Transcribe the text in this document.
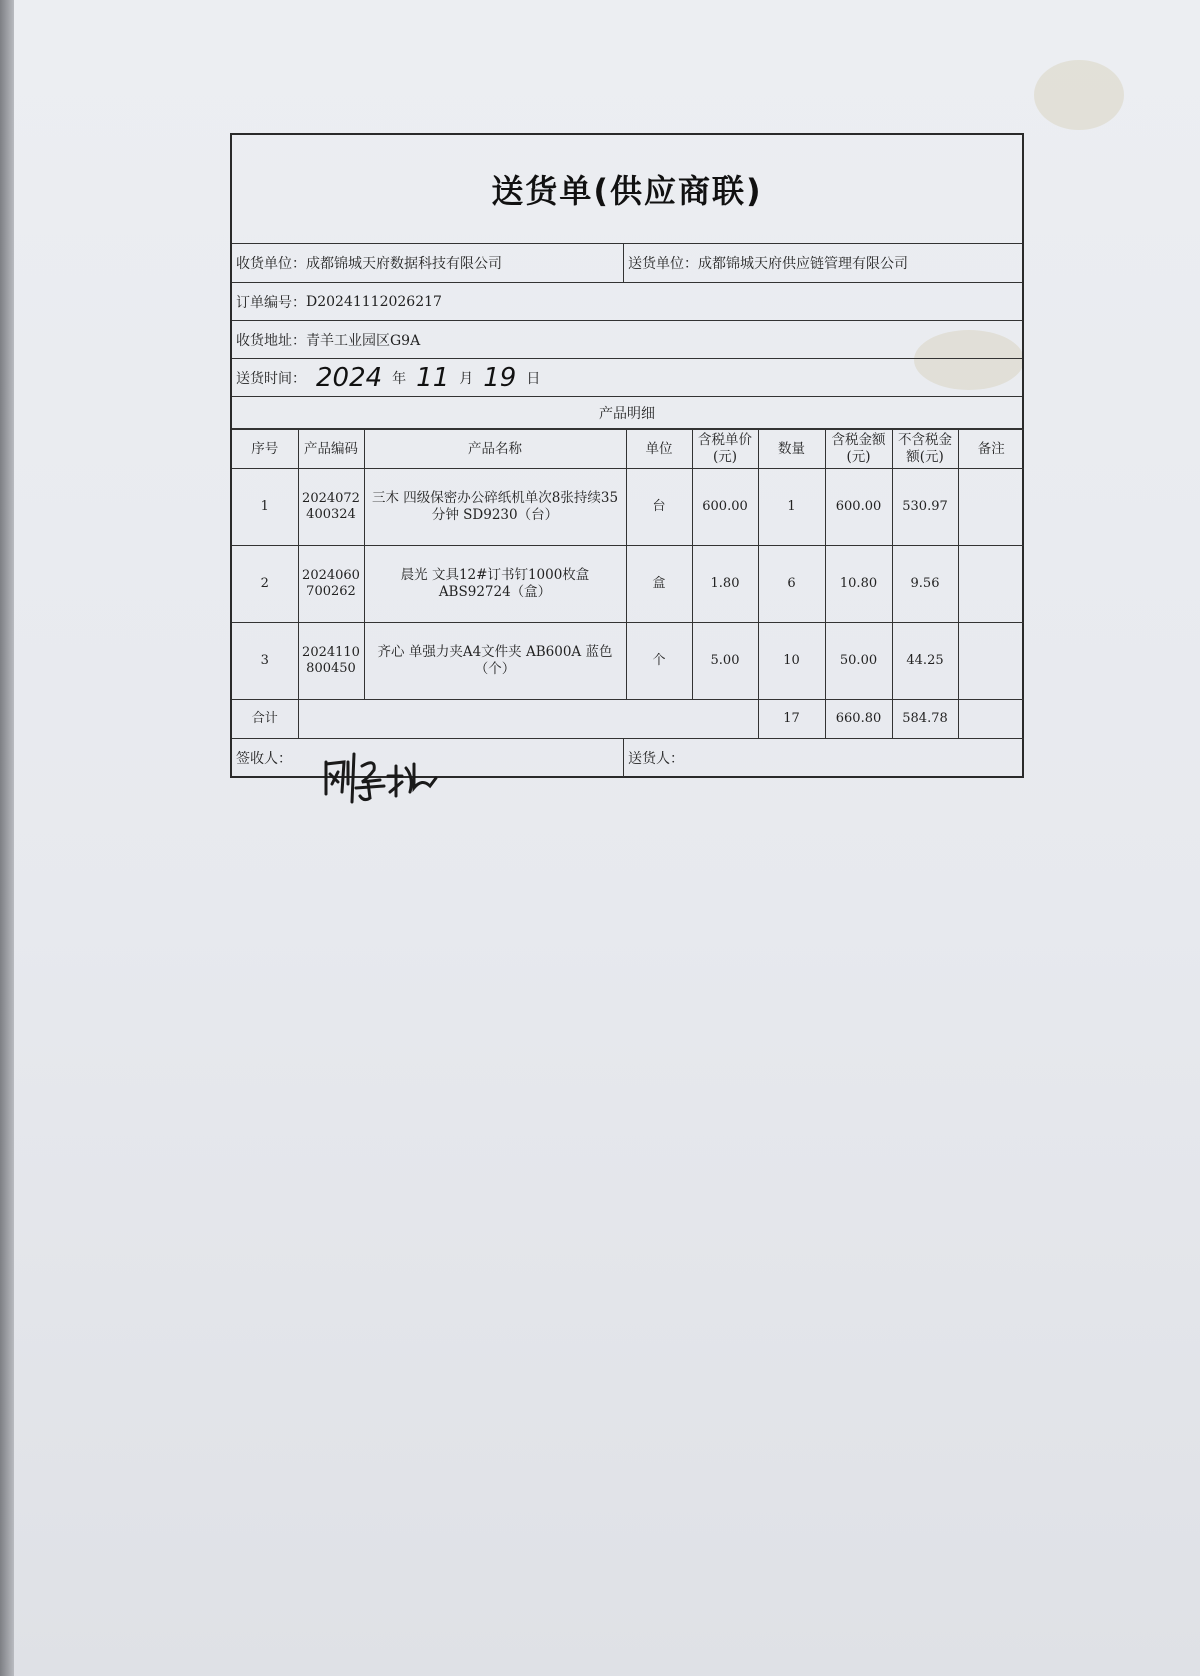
送货单(供应商联)
收货单位： 成都锦城天府数据科技有限公司	送货单位： 成都锦城天府供应链管理有限公司
订单编号： D20241112026217
收货地址： 青羊工业园区G9A
送货时间： 2024 年 11 月 19 日
产品明细
序号	产品编码	产品名称	单位	含税单价(元)	数量	含税金额(元)	不含税金额(元)	备注
1	2024072400324	三木 四级保密办公碎纸机单次8张持续35分钟 SD9230（台）	台	600.00	1	600.00	530.97	
2	2024060700262	晨光 文具12#订书钉1000枚盒 ABS92724（盒）	盒	1.80	6	10.80	9.56	
3	2024110800450	齐心 单强力夹A4文件夹 AB600A 蓝色（个）	个	5.00	10	50.00	44.25	
合计					17	660.80	584.78	
签收人：	送货人：
